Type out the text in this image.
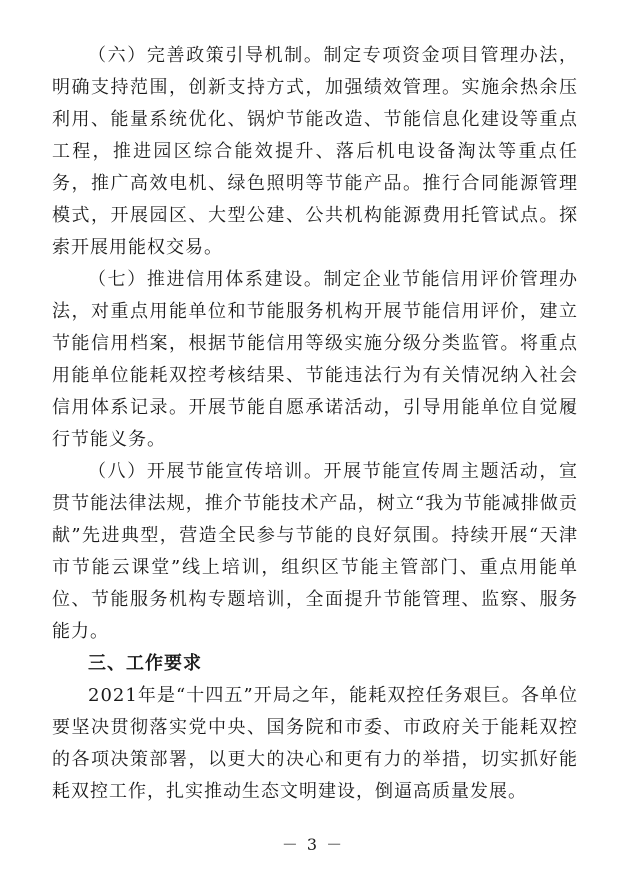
（六）完善政策引导机制。制定专项资金项目管理办法，明确支持范围，创新支持方式，加强绩效管理。实施余热余压利用、能量系统优化、锅炉节能改造、节能信息化建设等重点工程，推进园区综合能效提升、落后机电设备淘汰等重点任务，推广高效电机、绿色照明等节能产品。推行合同能源管理模式，开展园区、大型公建、公共机构能源费用托管试点。探索开展用能权交易。

（七）推进信用体系建设。制定企业节能信用评价管理办法，对重点用能单位和节能服务机构开展节能信用评价，建立节能信用档案，根据节能信用等级实施分级分类监管。将重点用能单位能耗双控考核结果、节能违法行为有关情况纳入社会信用体系记录。开展节能自愿承诺活动，引导用能单位自觉履行节能义务。

（八）开展节能宣传培训。开展节能宣传周主题活动，宣贯节能法律法规，推介节能技术产品，树立“我为节能减排做贡献”先进典型，营造全民参与节能的良好氛围。持续开展“天津市节能云课堂”线上培训，组织区节能主管部门、重点用能单位、节能服务机构专题培训，全面提升节能管理、监察、服务能力。

三、工作要求

2021年是“十四五”开局之年，能耗双控任务艰巨。各单位要坚决贯彻落实党中央、国务院和市委、市政府关于能耗双控的各项决策部署，以更大的决心和更有力的举措，切实抓好能耗双控工作，扎实推动生态文明建设，倒逼高质量发展。

－ 3 －
